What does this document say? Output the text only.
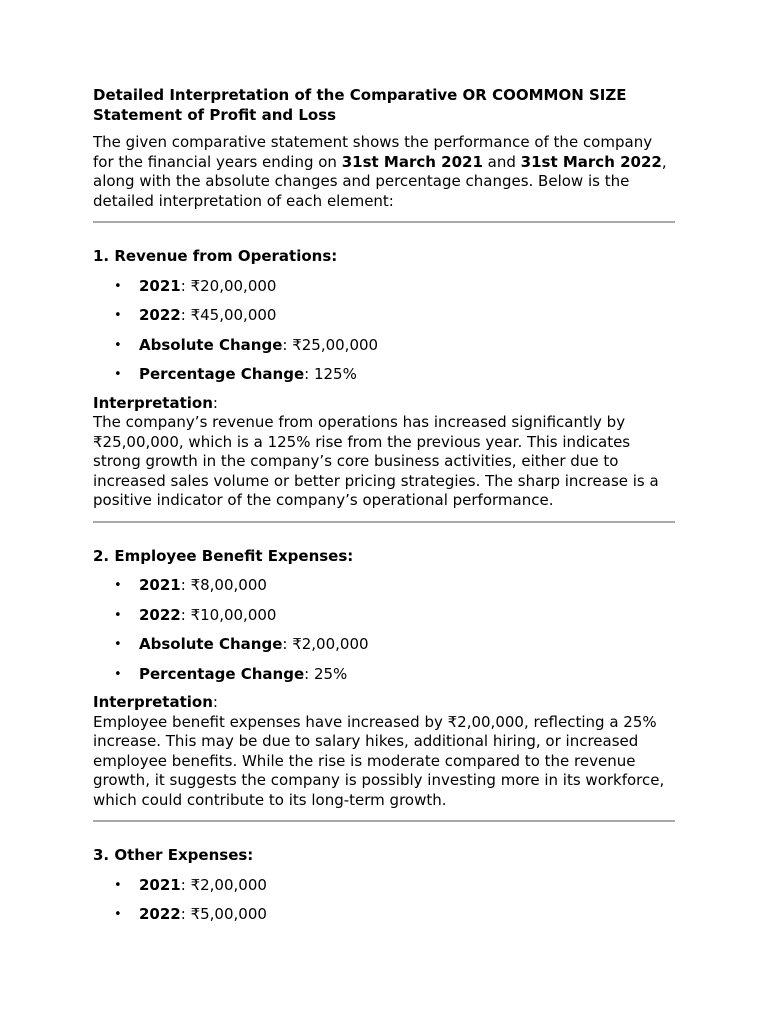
Detailed Interpretation of the Comparative OR COOMMON SIZE Statement of Profit and Loss

The given comparative statement shows the performance of the company for the financial years ending on 31st March 2021 and 31st March 2022, along with the absolute changes and percentage changes. Below is the detailed interpretation of each element:

1. Revenue from Operations:

• 2021: ₹20,00,000
• 2022: ₹45,00,000
• Absolute Change: ₹25,00,000
• Percentage Change: 125%

Interpretation:

The company’s revenue from operations has increased significantly by ₹25,00,000, which is a 125% rise from the previous year. This indicates strong growth in the company’s core business activities, either due to increased sales volume or better pricing strategies. The sharp increase is a positive indicator of the company’s operational performance.

2. Employee Benefit Expenses:

• 2021: ₹8,00,000
• 2022: ₹10,00,000
• Absolute Change: ₹2,00,000
• Percentage Change: 25%

Interpretation:

Employee benefit expenses have increased by ₹2,00,000, reflecting a 25% increase. This may be due to salary hikes, additional hiring, or increased employee benefits. While the rise is moderate compared to the revenue growth, it suggests the company is possibly investing more in its workforce, which could contribute to its long-term growth.

3. Other Expenses:

• 2021: ₹2,00,000
• 2022: ₹5,00,000
